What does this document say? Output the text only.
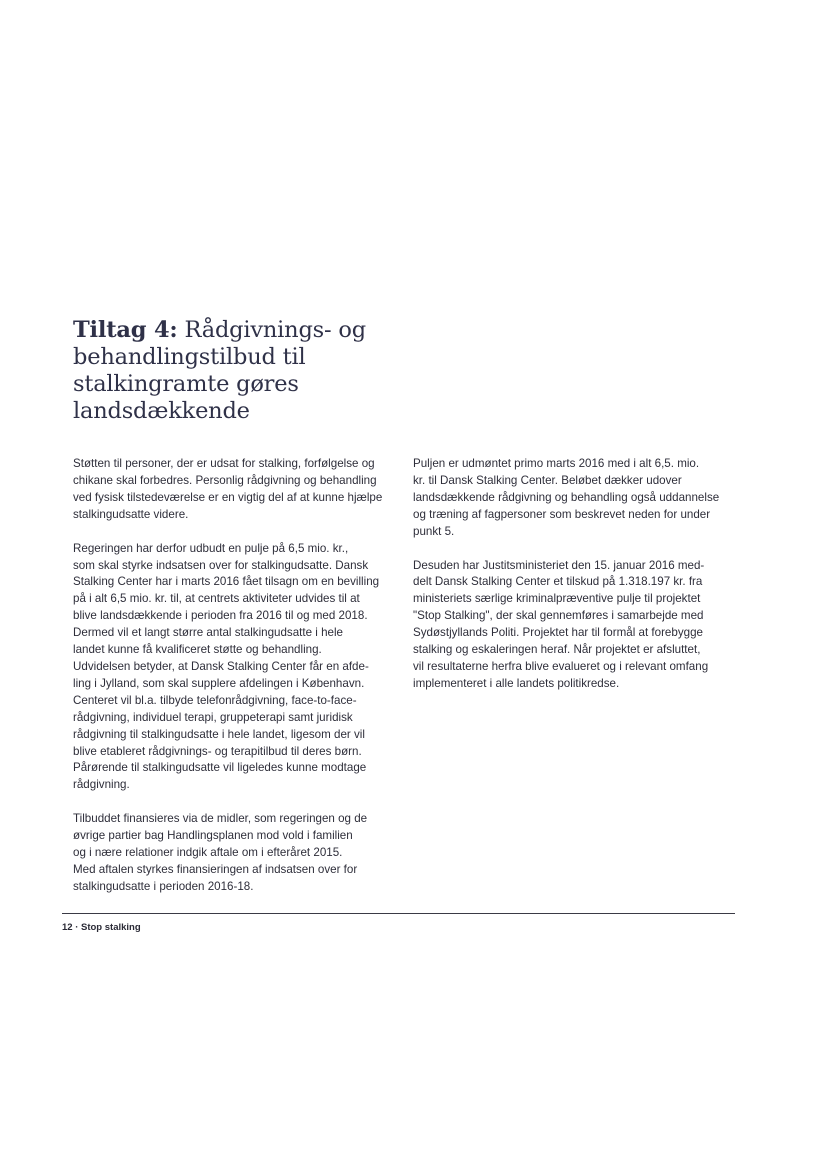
Tiltag 4: Rådgivnings- og behandlingstilbud til stalkingramte gøres landsdækkende

Støtten til personer, der er udsat for stalking, forfølgelse og
chikane skal forbedres. Personlig rådgivning og behandling
ved fysisk tilstedeværelse er en vigtig del af at kunne hjælpe
stalkingudsatte videre.

Regeringen har derfor udbudt en pulje på 6,5 mio. kr.,
som skal styrke indsatsen over for stalkingudsatte. Dansk
Stalking Center har i marts 2016 fået tilsagn om en bevilling
på i alt 6,5 mio. kr. til, at centrets aktiviteter udvides til at
blive landsdækkende i perioden fra 2016 til og med 2018.
Dermed vil et langt større antal stalkingudsatte i hele
landet kunne få kvalificeret støtte og behandling.
Udvidelsen betyder, at Dansk Stalking Center får en afde-
ling i Jylland, som skal supplere afdelingen i København.
Centeret vil bl.a. tilbyde telefonrådgivning, face-to-face-
rådgivning, individuel terapi, gruppeterapi samt juridisk
rådgivning til stalkingudsatte i hele landet, ligesom der vil
blive etableret rådgivnings- og terapitilbud til deres børn.
Pårørende til stalkingudsatte vil ligeledes kunne modtage
rådgivning.

Tilbuddet finansieres via de midler, som regeringen og de
øvrige partier bag Handlingsplanen mod vold i familien
og i nære relationer indgik aftale om i efteråret 2015.
Med aftalen styrkes finansieringen af indsatsen over for
stalkingudsatte i perioden 2016-18.

Puljen er udmøntet primo marts 2016 med i alt 6,5. mio.
kr. til Dansk Stalking Center. Beløbet dækker udover
landsdækkende rådgivning og behandling også uddannelse
og træning af fagpersoner som beskrevet neden for under
punkt 5.

Desuden har Justitsministeriet den 15. januar 2016 med-
delt Dansk Stalking Center et tilskud på 1.318.197 kr. fra
ministeriets særlige kriminalpræventive pulje til projektet
"Stop Stalking", der skal gennemføres i samarbejde med
Sydøstjyllands Politi. Projektet har til formål at forebygge
stalking og eskaleringen heraf. Når projektet er afsluttet,
vil resultaterne herfra blive evalueret og i relevant omfang
implementeret i alle landets politikredse.

12 · Stop stalking
